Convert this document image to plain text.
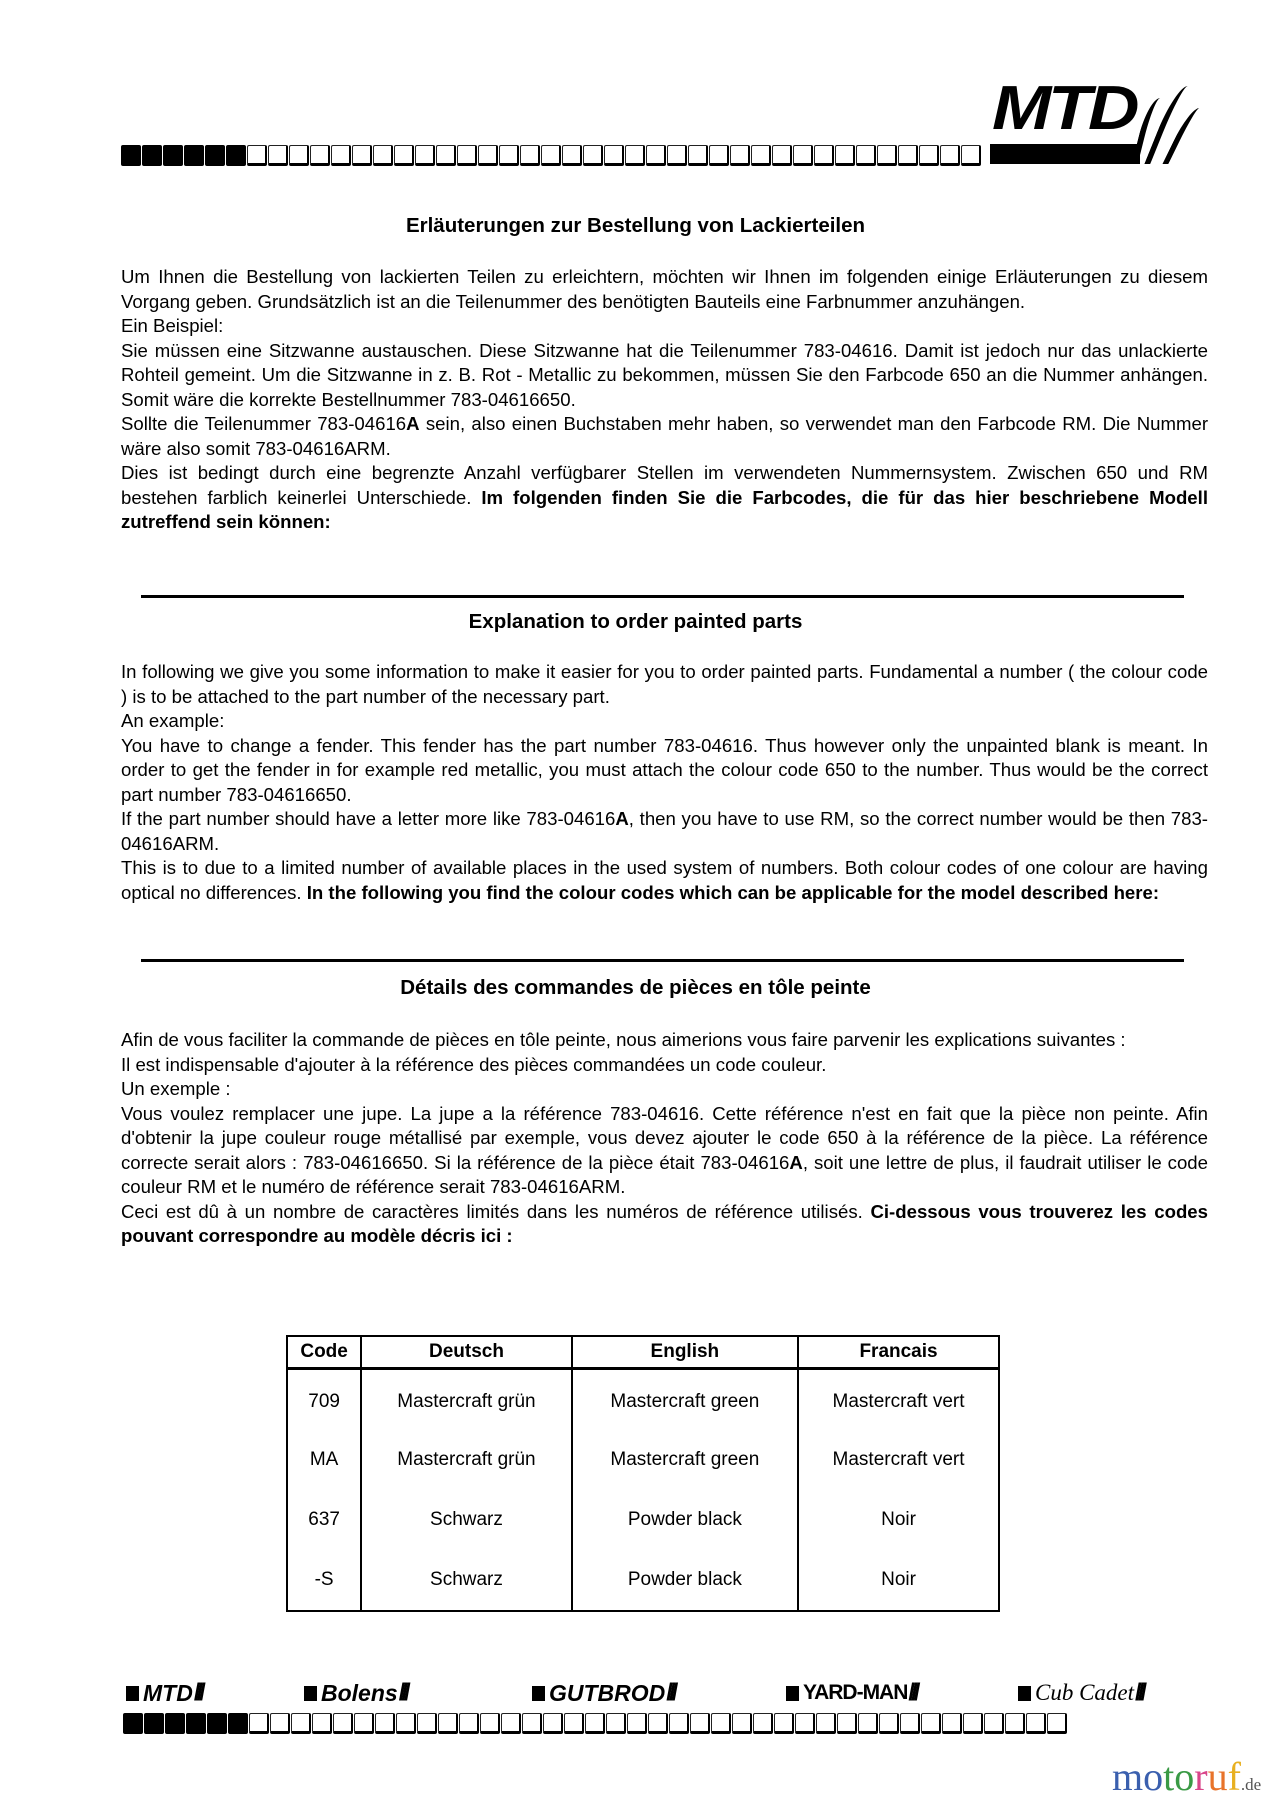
MTD
Erläuterungen zur Bestellung von Lackierteilen

Um Ihnen die Bestellung von lackierten Teilen zu erleichtern, möchten wir Ihnen im folgenden einige Erläuterungen zu diesem Vorgang geben. Grundsätzlich ist an die Teilenummer des benötigten Bauteils eine Farbnummer anzuhängen.

Ein Beispiel:

Sie müssen eine Sitzwanne austauschen. Diese Sitzwanne hat die Teilenummer 783-04616. Damit ist jedoch nur das unlackierte Rohteil gemeint. Um die Sitzwanne in z. B. Rot - Metallic zu bekommen, müssen Sie den Farbcode 650 an die Nummer anhängen. Somit wäre die korrekte Bestellnummer 783-04616650.

Sollte die Teilenummer 783-04616A sein, also einen Buchstaben mehr haben, so verwendet man den Farbcode RM. Die Nummer wäre also somit 783-04616ARM.

Dies ist bedingt durch eine begrenzte Anzahl verfügbarer Stellen im verwendeten Nummernsystem. Zwischen 650 und RM bestehen farblich keinerlei Unterschiede. Im folgenden finden Sie die Farbcodes, die für das hier beschriebene Modell zutreffend sein können:

Explanation to order painted parts

In following we give you some information to make it easier for you to order painted parts. Fundamental a number ( the colour code ) is to be attached to the part number of the necessary part.

An example:

You have to change a fender. This fender has the part number 783-04616. Thus however only the unpainted blank is meant. In order to get the fender in for example red metallic, you must attach the colour code 650 to the number. Thus would be the correct part number 783-04616650.

If the part number should have a letter more like 783-04616A, then you have to use RM, so the correct number would be then 783-04616ARM.

This is to due to a limited number of available places in the used system of numbers. Both colour codes of one colour are having optical no differences. In the following you find the colour codes which can be applicable for the model described here:

Détails des commandes de pièces en tôle peinte

Afin de vous faciliter la commande de pièces en tôle peinte, nous aimerions vous faire parvenir les explications suivantes :

Il est indispensable d'ajouter à la référence des pièces commandées un code couleur.

Un exemple :

Vous voulez remplacer une jupe. La jupe a la référence 783-04616. Cette référence n'est en fait que la pièce non peinte. Afin d'obtenir la jupe couleur rouge métallisé par exemple, vous devez ajouter le code 650 à la référence de la pièce. La référence correcte serait alors : 783-04616650. Si la référence de la pièce était 783-04616A, soit une lettre de plus, il faudrait utiliser le code couleur RM et le numéro de référence serait 783-04616ARM.

Ceci est dû à un nombre de caractères limités dans les numéros de référence utilisés. Ci-dessous vous trouverez les codes pouvant correspondre au modèle décris ici :

Code	Deutsch	English	Francais
709	Mastercraft grün	Mastercraft green	Mastercraft vert
MA	Mastercraft grün	Mastercraft green	Mastercraft vert
637	Schwarz	Powder black	Noir
-S	Schwarz	Powder black	Noir
MTD ///	Bolens ///	GUTBROD ///	YARD-MAN ///	Cub Cadet ///
motoruf.de
